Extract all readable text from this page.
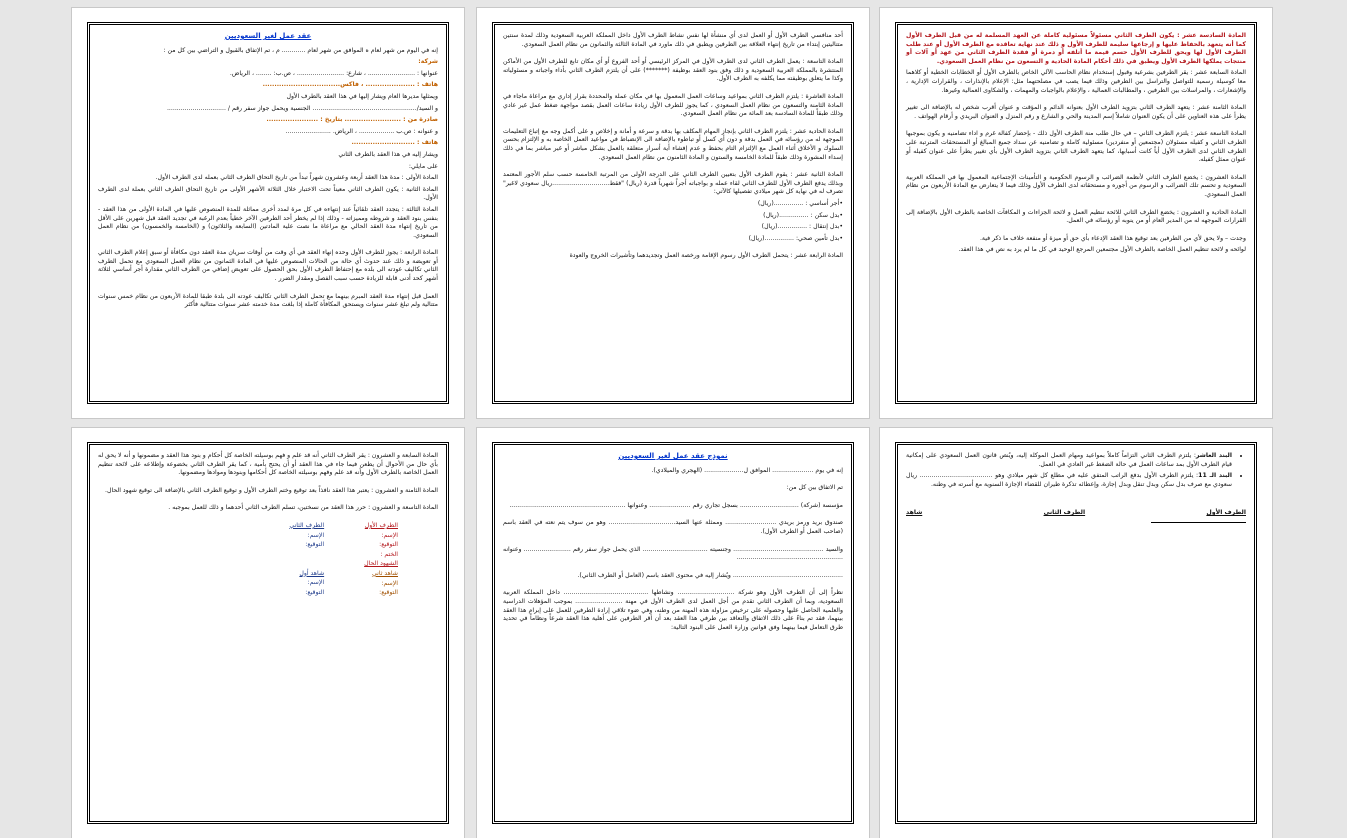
المادة السادسة عشر : يكون الطرف الثاني مسئولاً مسئولية كاملة عن العهد المسلمة له من قبل الطرف الأول كما أنه يتعهد بالحفاظ عليها و إرجاعها سليمة للطرف الأول و ذلك عند نهاية تعاقده مع الطرف الأول أو عند طلب الطرف الأول لها ويحق للطرف الأول حسم قيمة ما أتلفه أو دمرة أو فقدة الطرف الثاني من عهد أو آلات أو منتجات يملكها الطرف الأول ويطبق في ذلك أحكام المادة الحادية و التسعون من نظام العمل السعودي.

المادة السابعة عشر : يقر الطرفين بشرعية وقبول إستخدام نظام الحاسب الآلي الخاص بالطرف الأول أو الخطابات الخطية أو كلاهما معا كوسيلة رسمية للتواصل والتراسل بين الطرفين وذلك فيما يصب في مصلحتهما مثل: الإعلام بالإنذارات ، والقرارات الإدارية ، والإشعارات ، والمراسلات بين الطرفين ، والمطالبات العمالية ، والإعلام بالواجبات والمهمات ، والشكاوى العمالية وغيرها.

المادة الثامنة عشر : يتعهد الطرف الثاني بتزويد الطرف الأول بعنوانه الدائم و المؤقت و عنوان أقرب شخص له بالإضافة الى تغيير يطرأ على هذه العناوين على أن يكون العنوان شاملاً إسم المدينة والحي و الشارع و رقم المنزل و العنوان البريدي و أرقام الهواتف .

المادة التاسعة عشر : يلتزم الطرف الثاني – في حال طلب منة الطرف الأول ذلك - بإحضار كفالة غرم و اداء تضامنيه و يكون بموجبها الطرف الثاني و كفيله مسئولان (مجتمعين أو منفردين) مسئولية كاملة و تضامنيه عن سداد جميع المبالغ أو المستحقات المترتبة على الطرف الثاني لدى الطرف الأول أياً كانت أسبابها، كما يتعهد الطرف الثاني بتزويد الطرف الأول بأي تغيير يطرأ على عنوان كفيله أو عنوان ممثل كفيله.

المادة العشرون : يخضع الطرف الثاني لأنظمة الضرائب و الرسوم الحكومية و التأمينات الإجتماعية المعمول بها في المملكة العربية السعودية و تحسم تلك الضرائب و الرسوم من أجوره و مستحقاته لدى الطرف الأول وذلك فيما لا يتعارض مع المادة الأربعون من نظام العمل السعودي.

المادة الحادية و العشرون : يخضع الطرف الثاني للائحة تنظيم العمل و لائحة الجزاءات و المكافآت الخاصة بالطرف الأول بالإضافة إلى القرارات الموجهه له من المدير العام أو من ينوبه أو رؤسائه في العمل.

وجدت – ولا يحق لأي من الطرفين بعد توقيع هذا العقد الإدعاء بأي حق أو ميزة أو منفعة خلاف ما ذكر فية.

لوائحه و لائحة تنظيم العمل الخاصة بالطرف الأول مجتمعين المرجع الوحيد في كل ما لم يرد به نص في هذا العقد.

أحد منافسي الطرف الأول أو العمل لدى أي منشأة لها نفس نشاط الطرف الأول داخل المملكة العربية السعودية وذلك لمدة سنتين متتاليتين إبتداء من تاريخ إنتهاء العلاقة بين الطرفين ويطبق في ذلك ماورد في المادة الثالثة والثمانون من نظام العمل السعودي.

المادة التاسعة : يعمل الطرف الثاني لدى الطرف الأول في المركز الرئيسي أو أحد الفروع أو أي مكان تابع للطرف الأول من الأماكن المنتشرة بالمملكة العربية السعودية و ذلك وفق بنود العقد بوظيفة (*******) على أن يلتزم الطرف الثاني بأداء واجباته و مسئولياته وكذا ما يتعلق بوظيفته مما يكلفه به الطرف الأول.

المادة العاشرة : يلتزم الطرف الثاني بمواعيد وساعات العمل المعمول بها في مكان عملة والمحددة بقرار إداري مع مراعاة ماجاء في المادة الثامنة والتسعون من نظام العمل السعودي ، كما يجوز للطرف الأول زيادة ساعات العمل بقصد مواجهة ضغط عمل غير عادي وذلك طبقاً للمادة السادسة بعد المائة من نظام العمل السعودي.

المادة الحادية عشر : يلتزم الطرف الثاني بإنجاز المهام المكلف بها بدقة و سرعة و أمانة و إخلاص و على أكمل وجه مع إتباع التعليمات الموجهة له من رؤسائه في العمل بدقة و دون أي كسل أو تباطوء بالإضافة الى الإنضباط في مواعيد العمل الخاصة به و الإلتزام بحسن السلوك و الأخلاق أثناء العمل مع الإلتزام التام بحفظ و عدم إفشاء أية أسرار متعلقة بالعمل بشكل مباشر أو غير مباشر بما في ذلك إسداء المشورة وذلك طبقاً للمادة الخامسة والستون و المادة الثامنون من نظام العمل السعودي.

المادة الثانية عشر : يقوم الطرف الأول بتعيين الطرف الثاني على الدرجة الأولى من المرتبة الخامسة حسب سلم الأجور المعتمد وبذلك يدفع الطرف الأول للطرف الثاني لقاء عمله و بواجباته أجراً شهرياً قدرة (ريال) "فقط.............................ريال سعودي لاغير" تصرف له في نهاية كل شهر ميلادي تفصيلها كالآتي:

•أجر أساسي : ...............(ريال)

•بدل سكن : ...............(ريال)

•بدل إنتقال : ...............(ريال)

•بدل تأمين صحي: ...............(ريال)

المادة الرابعة عشر : يتحمل الطرف الأول رسوم الإقامة ورخصة العمل وتجديدهما وتأشيرات الخروج والعودة

عقد عمل لغير السعوديين

إنه في اليوم من شهر لعام ه الموافق من شهر لعام ............ م ، تم الإتفاق بالقبول و التراضي بين كل من :

شركة:

عنوانها : ........................ ، شارع: ........................ ، ص.ب: ........ ، الرياض.

هاتف : ..................... ، فاكس.................................

ويمثلها مديرها العام ويشار إليها في هذا العقد بالطرف الأول

و السيد/..................................................... الجنسية ويحمل جواز سفر رقم / ..............................

صادرة من : ........................ بتاريخ : ......................

و عنوانه : ص.ب .................. ، الرياض. .......................

هاتف : ...........................

ويشار إليه في هذا العقد بالطرف الثاني

على مايلي:

المادة الأولى : مدة هذا العقد أربعة وعشرون شهراً تبدأ من تاريخ التحاق الطرف الثاني بعمله لدى الطرف الأول.

المادة الثانية : يكون الطرف الثاني معيناً تحت الاختبار خلال الثلاثة الأشهر الأولى من تاريخ التحاق الطرف الثاني بعملة لدى الطرف الأول.

المادة الثالثة : يتجدد العقد تلقائياً عند إنتهاءه في كل مرة لمدد أخرى مماثلة للمدة المنصوص عليها في المادة الأولى من هذا العقد - بنفس بنود العقد و شروطه ومميزاته - وذلك إذا لم يخطر أحد الطرفين الآخر خطياً بعدم الرغبة في تجديد العقد قبل شهرين على الأقل من تاريخ إنتهاء مدة العقد الحالي مع مراعاة ما نصت علية المادتين (السابعة والثلاثون) و (الخامسة والخمسون) من نظام العمل السعودي.

المادة الرابعة : يجوز للطرف الأول وحده إنهاء العقد في أي وقت من أوقات سريان مدة العقد دون مكافأة أو سبق إعلام الطرف الثاني أو تعويضة و ذلك عند حدوث أي حالة من الحالات المنصوص عليها في المادة الثمانون من نظام العمل السعودي مع تحمل الطرف الثاني تكاليف عودته الى بلده مع إحتفاظ الطرف الأول بحق الحصول على تعويض إضافي من الطرف الثاني مقدارة أجر أساسي لثلاثة أشهر كحد أدنى قابلة للزيادة حسب سبب الفصل ومقدار الضرر .

العمل قبل إنتهاء مدة العقد المبرم بينهما مع تحمل الطرف الثاني تكاليف عودته الى بلدة طبقا للمادة الأربعون من نظام خمس سنوات متتالية ولم تبلغ عشر سنوات ويستحق المكافأة كاملة إذا بلغت مدة خدمته عشر سنوات متتالية فأكثر

المادة السابعة و العشرون : يقر الطرف الثاني أنه قد علم و فهم بوسيلته الخاصة كل أحكام و بنود هذا العقد و مضمونها و أنه لا يحق له بأي حال من الأحوال أن يطعن فيما جاء في هذا العقد أو أن يحتج بأمية ، كما يقر الطرف الثاني بخضوعة وإطلاعه على لائحة تنظيم العمل الخاصة بالطرف الأول وأنه قد علم وفهم بوسيلته الخاصة كل أحكامها وبنودها وموادها ومضمونها.

المادة الثامنة و العشرون : يعتبر هذا العقد نافذاً بعد توقيع وختم الطرف الأول و توقيع الطرف الثاني بالإضافة الى توقيع شهود الحال.

المادة التاسعة و العشرون : حرر هذا العقد من نسختين، تسلم الطرف الثاني أحدهما و ذلك للعمل بموجبه .

الطرف الأول
الإسم:
التوقيع:
الختم :
الشهود الحال
شاهد ثاني
الإسم:
التوقيع:
الطرف الثاني
الإسم:
التوقيع:
شاهد أول
الإسم:
التوقيع:
نموذج عقد عمل لغير السعوديين

إنه في يوم ..................... الموافق ل.................... (الهجري والميلادي).

تم الاتفاق بين كل من:

مؤسسة (شركة) .............................. بسجل تجاري رقم ..................... وعنوانها ...........................................................

صندوق بريد ورمز بريدي .......................... وممثلة عنها السيد.................................. وهو من سوف يتم نعته في العقد باسم (صاحب العمل أو الطرف الأول).

والسيد .............................................. وجنسيته ................................. الذي يحمل جواز سفر رقم ........................ وعنوانه ......................................................

........................................................ ويُشار إليه في محتوى العقد باسم (العامل أو الطرف الثاني).

نظراً إلى أن الطرف الأول وهو شركة ............................. ونشاطها ........................................... داخل المملكة العربية السعودية، وبما أن الطرف الثاني تقدم من أجل العمل لدى الطرف الأول في مهنة ........................ بموجب المؤهلات الدراسية والعلمية الحاصل عليها وحصوله على ترخيص مزاولة هذه المهنة من وطنه، وفي ضوء تلاقي إرادة الطرفين للعمل على إبرام هذا العقد بينهما، فقد تم بناءً على ذلك الاتفاق والتعاقد بين طرفي هذا العقد بعد أن أقر الطرفين على أهلية هذا العقد شرعاً ونظاماً في تحديد طرق التعامل فيما بينهما وفق قوانين وزارة العمل على البنود التالية:

• البند العاشر: يلتزم الطرف الثاني التزاماً كاملاً بمواعيد ومهام العمل الموكلة إليه، ويُنص قانون العمل السعودي على إمكانية قيام الطرف الأول بمد ساعات العمل في حالة الضغط غير العادي في العمل.
• البند الـ 11: يلتزم الطرف الأول بدفع الراتب المتفق عليه في مطلع كل شهر ميلادي وهو ..................................... ريال سعودي مع صرف بدل سكن وبدل تنقل وبدل إجازة، وإعطائه تذكرة طيران للقضاء الإجازة السنوية مع أسرته في وطنه.
الطرف الأول
الطرف الثاني
شاهد
